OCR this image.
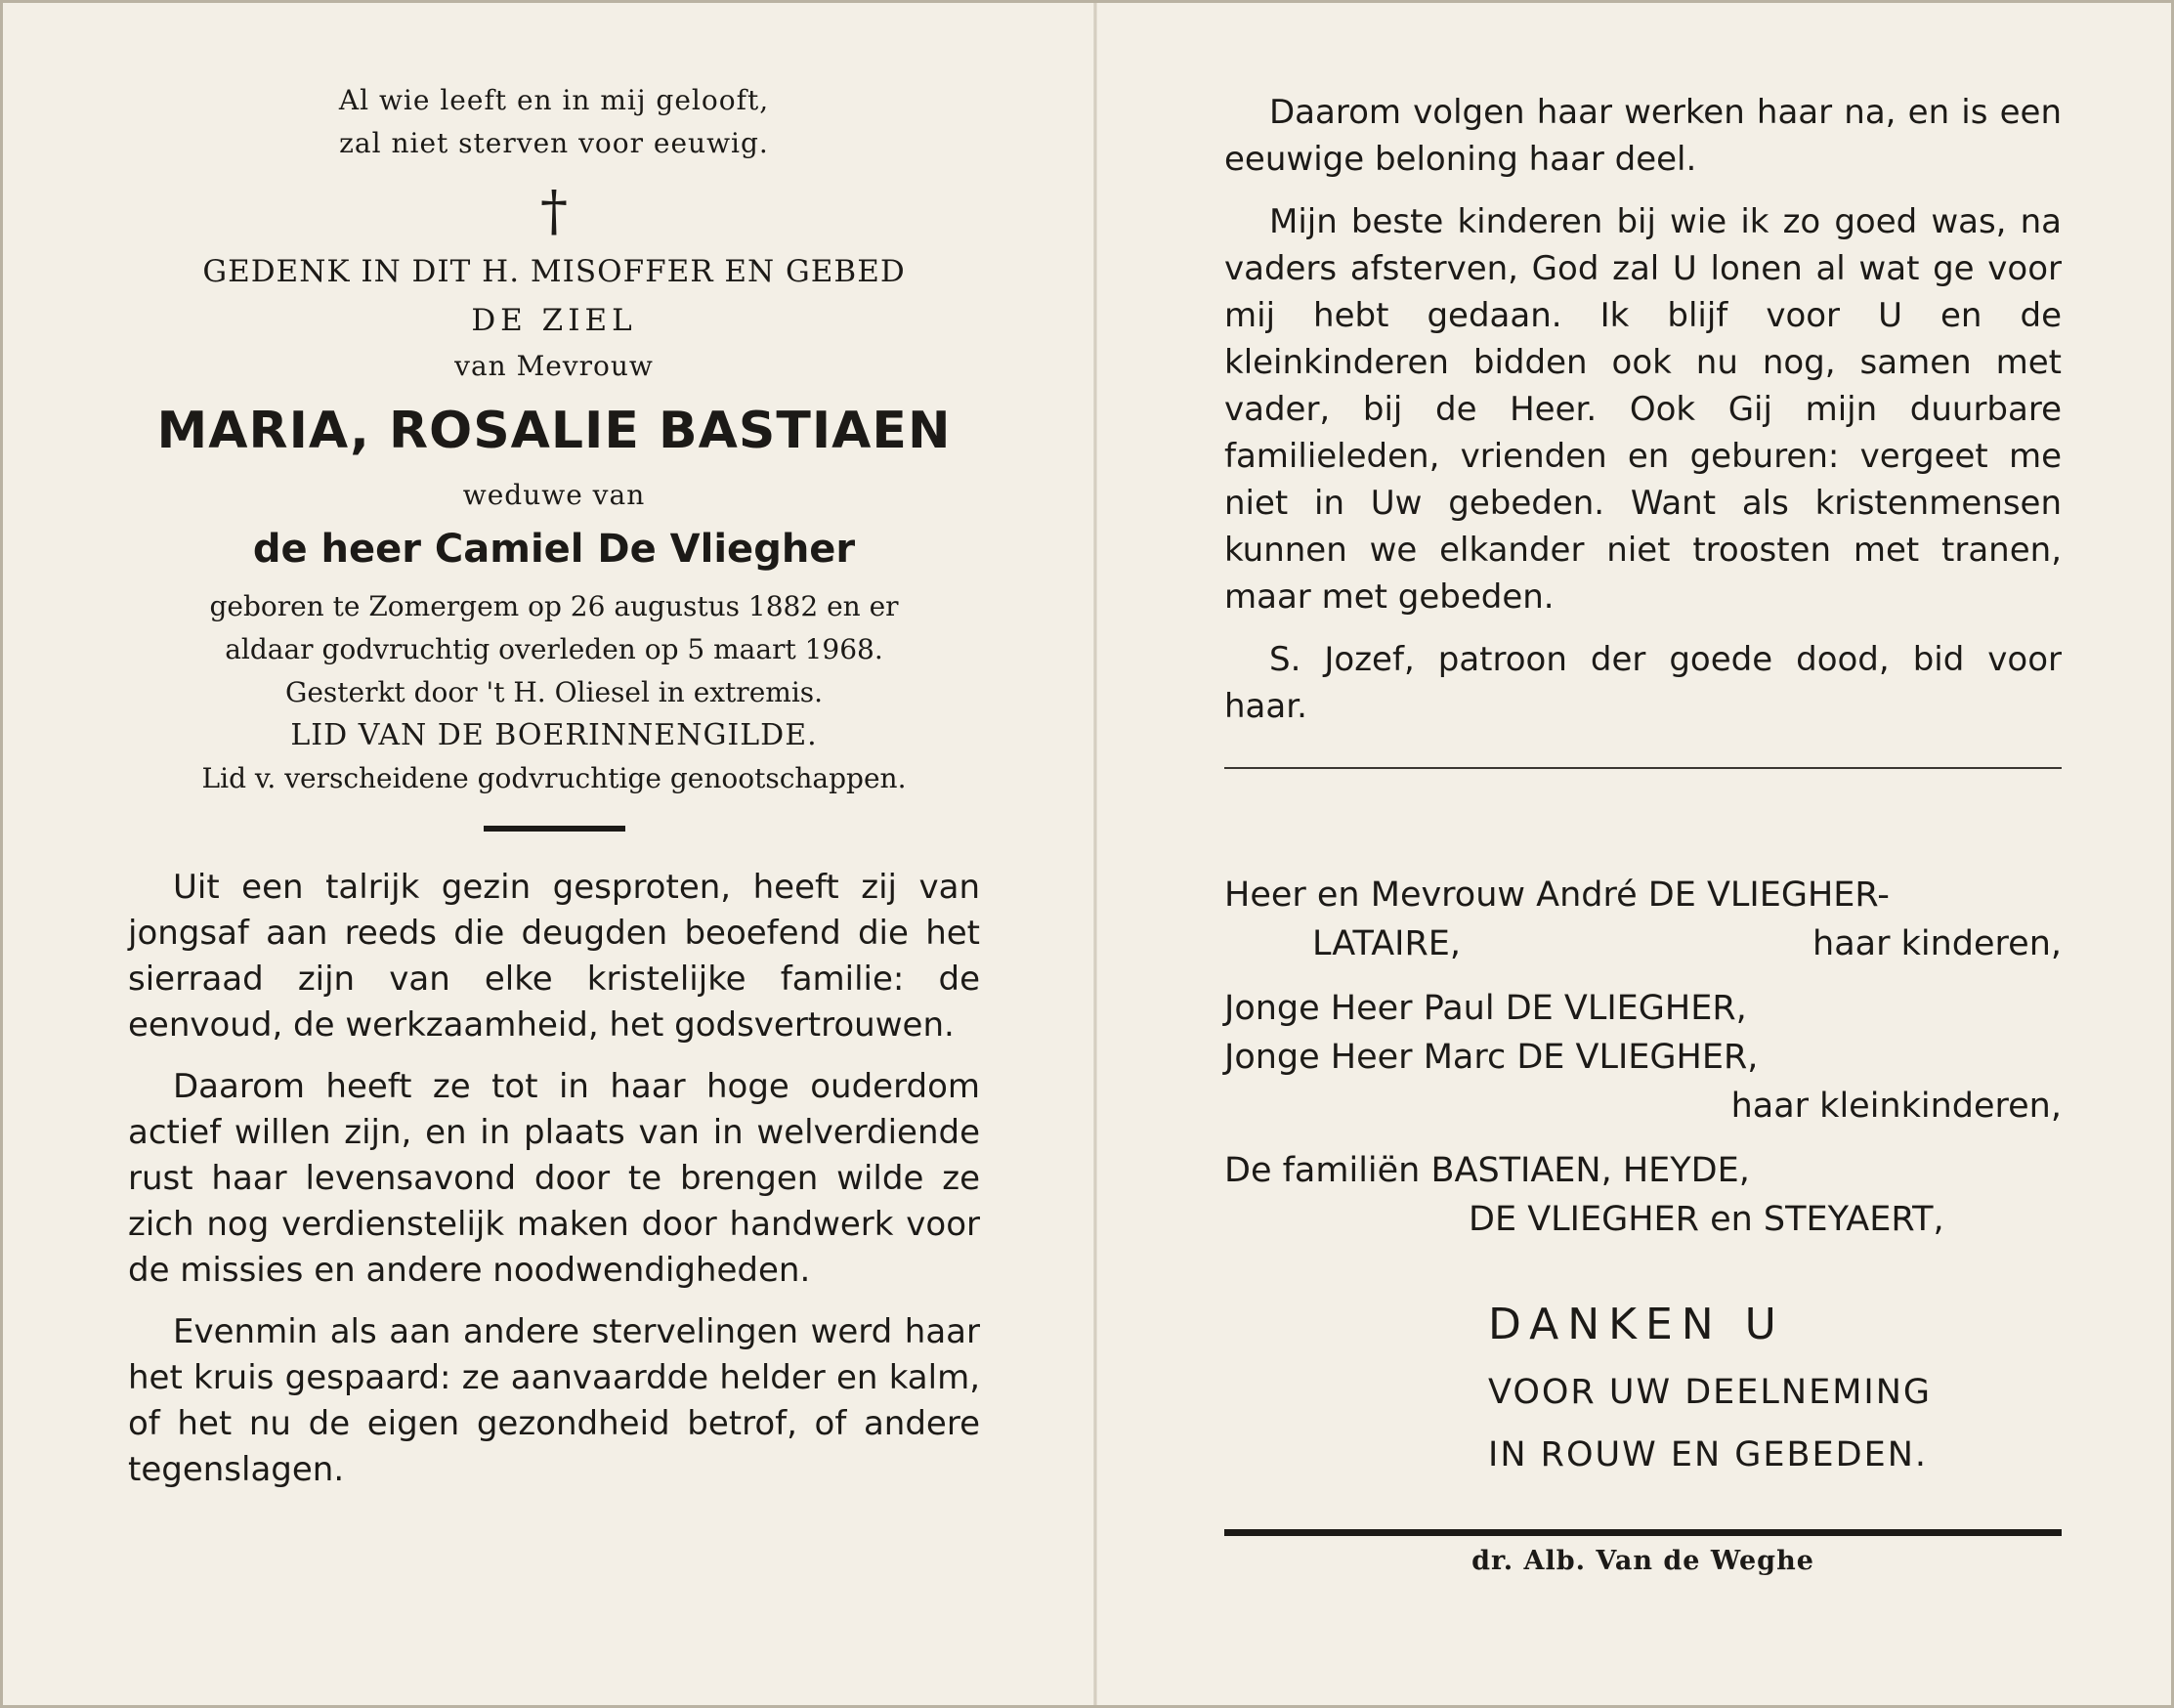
Al wie leeft en in mij gelooft,
zal niet sterven voor eeuwig.
†
GEDENK IN DIT H. MISOFFER EN GEBED
DE ZIEL
van Mevrouw
MARIA, ROSALIE BASTIAEN
weduwe van
de heer Camiel De Vliegher
geboren te Zomergem op 26 augustus 1882 en er
aldaar godvruchtig overleden op 5 maart 1968.
Gesterkt door 't H. Oliesel in extremis.
LID VAN DE BOERINNENGILDE.
Lid v. verscheidene godvruchtige genootschappen.

Uit een talrijk gezin gesproten, heeft zij van jongsaf aan reeds die deugden beoefend die het sierraad zijn van elke kristelijke familie: de eenvoud, de werkzaamheid, het godsvertrouwen.

Daarom heeft ze tot in haar hoge ouderdom actief willen zijn, en in plaats van in welverdiende rust haar levensavond door te brengen wilde ze zich nog verdienstelijk maken door handwerk voor de missies en andere noodwendigheden.

Evenmin als aan andere stervelingen werd haar het kruis gespaard: ze aanvaardde helder en kalm, of het nu de eigen gezondheid betrof, of andere tegenslagen.

Daarom volgen haar werken haar na, en is een eeuwige beloning haar deel.

Mijn beste kinderen bij wie ik zo goed was, na vaders afsterven, God zal U lonen al wat ge voor mij hebt gedaan. Ik blijf voor U en de kleinkinderen bidden ook nu nog, samen met vader, bij de Heer. Ook Gij mijn duurbare familieleden, vrienden en geburen: vergeet me niet in Uw gebeden. Want als kristenmensen kunnen we elkander niet troosten met tranen, maar met gebeden.

S. Jozef, patroon der goede dood, bid voor haar.

Heer en Mevrouw André DE VLIEGHER-
LATAIRE,	haar kinderen,
Jonge Heer Paul DE VLIEGHER,
Jonge Heer Marc DE VLIEGHER,
haar kleinkinderen,
De familiën BASTIAEN, HEYDE,
DE VLIEGHER en STEYAERT,
DANKEN U
VOOR UW DEELNEMING
IN ROUW EN GEBEDEN.
dr. Alb. Van de Weghe
